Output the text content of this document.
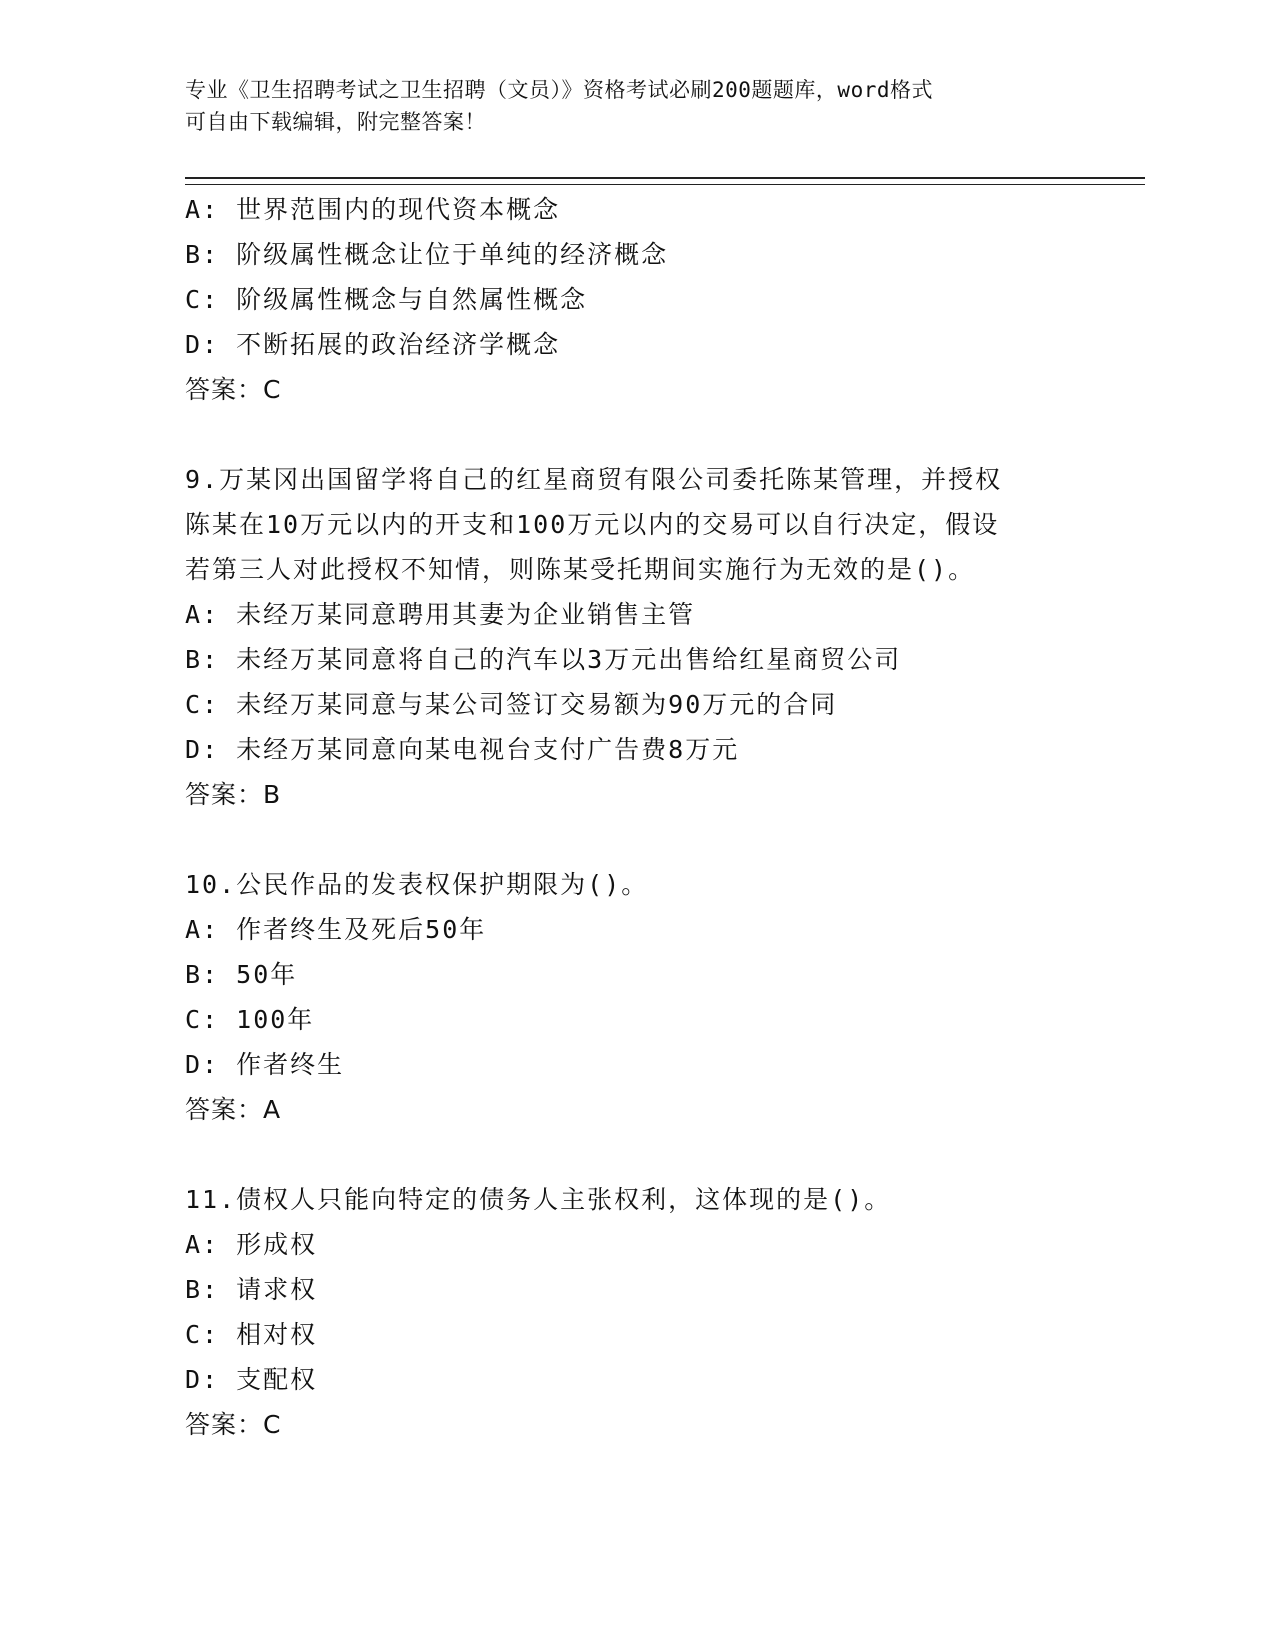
专业《卫生招聘考试之卫生招聘（文员）》资格考试必刷200题题库，word格式

可自由下载编辑，附完整答案！

A: 世界范围内的现代资本概念
B: 阶级属性概念让位于单纯的经济概念
C: 阶级属性概念与自然属性概念
D: 不断拓展的政治经济学概念
答案：C
9.万某冈出国留学将自己的红星商贸有限公司委托陈某管理，并授权
陈某在10万元以内的开支和100万元以内的交易可以自行决定，假设
若第三人对此授权不知情，则陈某受托期间实施行为无效的是()。
A: 未经万某同意聘用其妻为企业销售主管
B: 未经万某同意将自己的汽车以3万元出售给红星商贸公司
C: 未经万某同意与某公司签订交易额为90万元的合同
D: 未经万某同意向某电视台支付广告费8万元
答案：B
10.公民作品的发表权保护期限为()。
A: 作者终生及死后50年
B: 50年
C: 100年
D: 作者终生
答案：A
11.债权人只能向特定的债务人主张权利，这体现的是()。
A: 形成权
B: 请求权
C: 相对权
D: 支配权
答案：C
